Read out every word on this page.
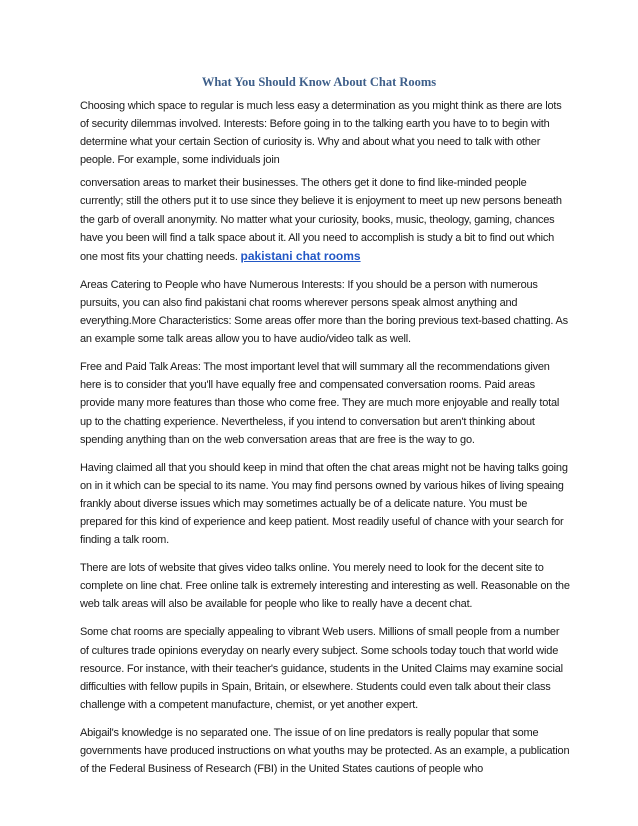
What You Should Know About Chat Rooms

Choosing which space to regular is much less easy a determination as you might think as there are lots of security dilemmas involved. Interests: Before going in to the talking earth you have to to begin with determine what your certain Section of curiosity is. Why and about what you need to talk with other people. For example, some individuals join

conversation areas to market their businesses. The others get it done to find like-minded people currently; still the others put it to use since they believe it is enjoyment to meet up new persons beneath the garb of overall anonymity. No matter what your curiosity, books, music, theology, gaming, chances have you been will find a talk space about it. All you need to accomplish is study a bit to find out which one most fits your chatting needs. pakistani chat rooms

Areas Catering to People who have Numerous Interests: If you should be a person with numerous pursuits, you can also find pakistani chat rooms wherever persons speak almost anything and everything.More Characteristics: Some areas offer more than the boring previous text-based chatting. As an example some talk areas allow you to have audio/video talk as well.

Free and Paid Talk Areas: The most important level that will summary all the recommendations given here is to consider that you'll have equally free and compensated conversation rooms. Paid areas provide many more features than those who come free. They are much more enjoyable and really total up to the chatting experience. Nevertheless, if you intend to conversation but aren't thinking about spending anything than on the web conversation areas that are free is the way to go.

Having claimed all that you should keep in mind that often the chat areas might not be having talks going on in it which can be special to its name. You may find persons owned by various hikes of living speaing frankly about diverse issues which may sometimes actually be of a delicate nature. You must be prepared for this kind of experience and keep patient. Most readily useful of chance with your search for finding a talk room.

There are lots of website that gives video talks online. You merely need to look for the decent site to complete on line chat. Free online talk is extremely interesting and interesting as well. Reasonable on the web talk areas will also be available for people who like to really have a decent chat.

Some chat rooms are specially appealing to vibrant Web users. Millions of small people from a number of cultures trade opinions everyday on nearly every subject. Some schools today touch that world wide resource. For instance, with their teacher's guidance, students in the United Claims may examine social difficulties with fellow pupils in Spain, Britain, or elsewhere. Students could even talk about their class challenge with a competent manufacture, chemist, or yet another expert.

Abigail's knowledge is no separated one. The issue of on line predators is really popular that some governments have produced instructions on what youths may be protected. As an example, a publication of the Federal Business of Research (FBI) in the United States cautions of people who
